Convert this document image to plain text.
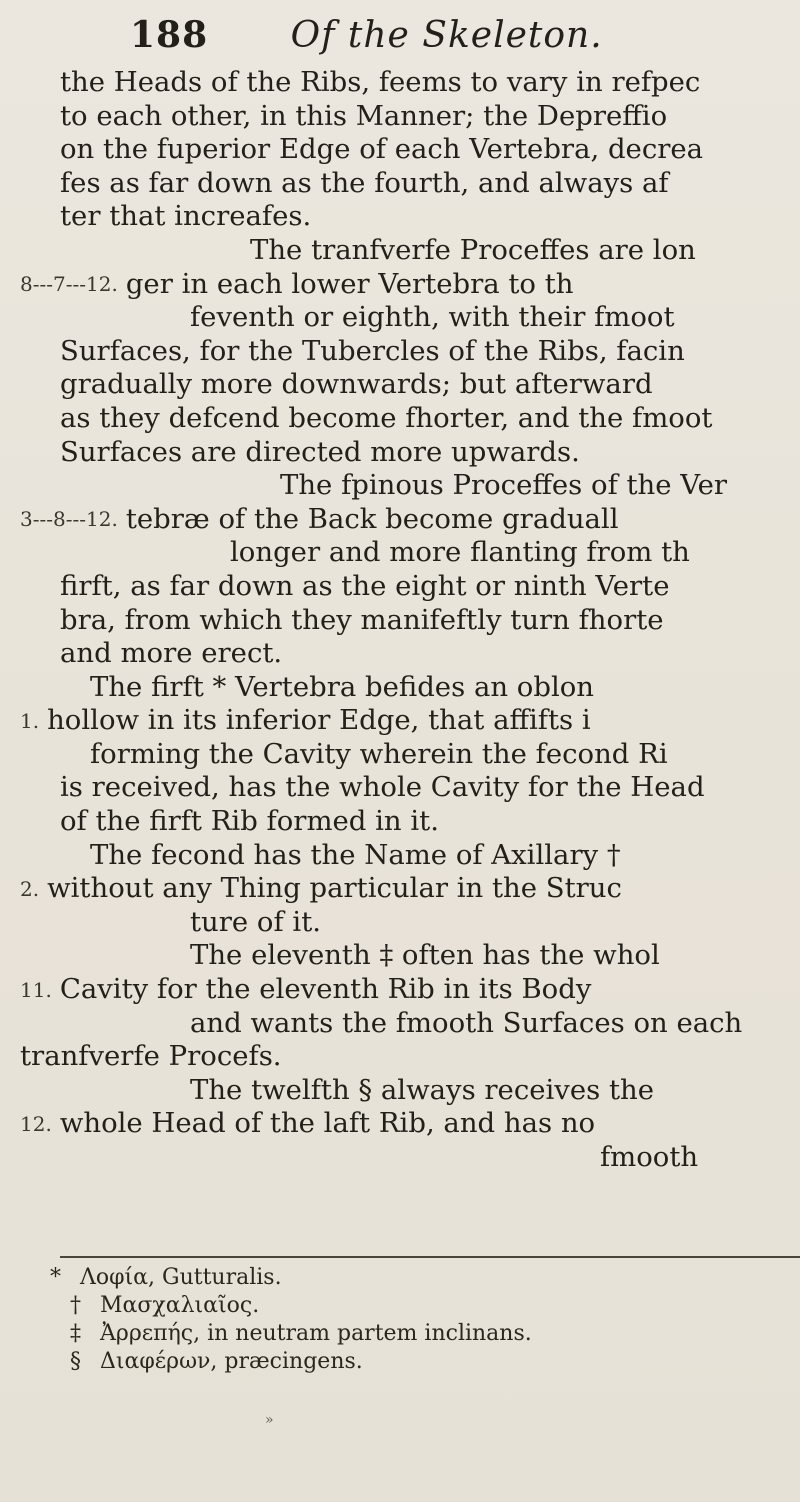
188 Of the Skeleton.
the Heads of the Ribs, feems to vary in refpec
to each other, in this Manner; the Depreffio
on the fuperior Edge of each Vertebra, decrea
fes as far down as the fourth, and always af
ter that increafes.
The tranfverfe Proceffes are lon
8---7---12. ger in each lower Vertebra to th
feventh or eighth, with their fmoot
Surfaces, for the Tubercles of the Ribs, facin
gradually more downwards; but afterward
as they defcend become fhorter, and the fmoot
Surfaces are directed more upwards.
The fpinous Proceffes of the Ver
3---8---12. tebræ of the Back become graduall
longer and more flanting from th
firft, as far down as the eight or ninth Verte
bra, from which they manifeftly turn fhorte
and more erect.
The firft * Vertebra befides an oblon
1. hollow in its inferior Edge, that affifts i
forming the Cavity wherein the fecond Ri
is received, has the whole Cavity for the Head
of the firft Rib formed in it.
The fecond has the Name of Axillary †
2. without any Thing particular in the Struc
ture of it.
The eleventh ‡ often has the whol
11. Cavity for the eleventh Rib in its Body
and wants the fmooth Surfaces on each
tranfverfe Procefs.
The twelfth § always receives the
12. whole Head of the laft Rib, and has no
fmooth
* Λοφία, Gutturalis.
† Μασχαλιαῖος.
‡ Ἀρρεπής, in neutram partem inclinans.
§ Διαφέρων, præcingens.
»
